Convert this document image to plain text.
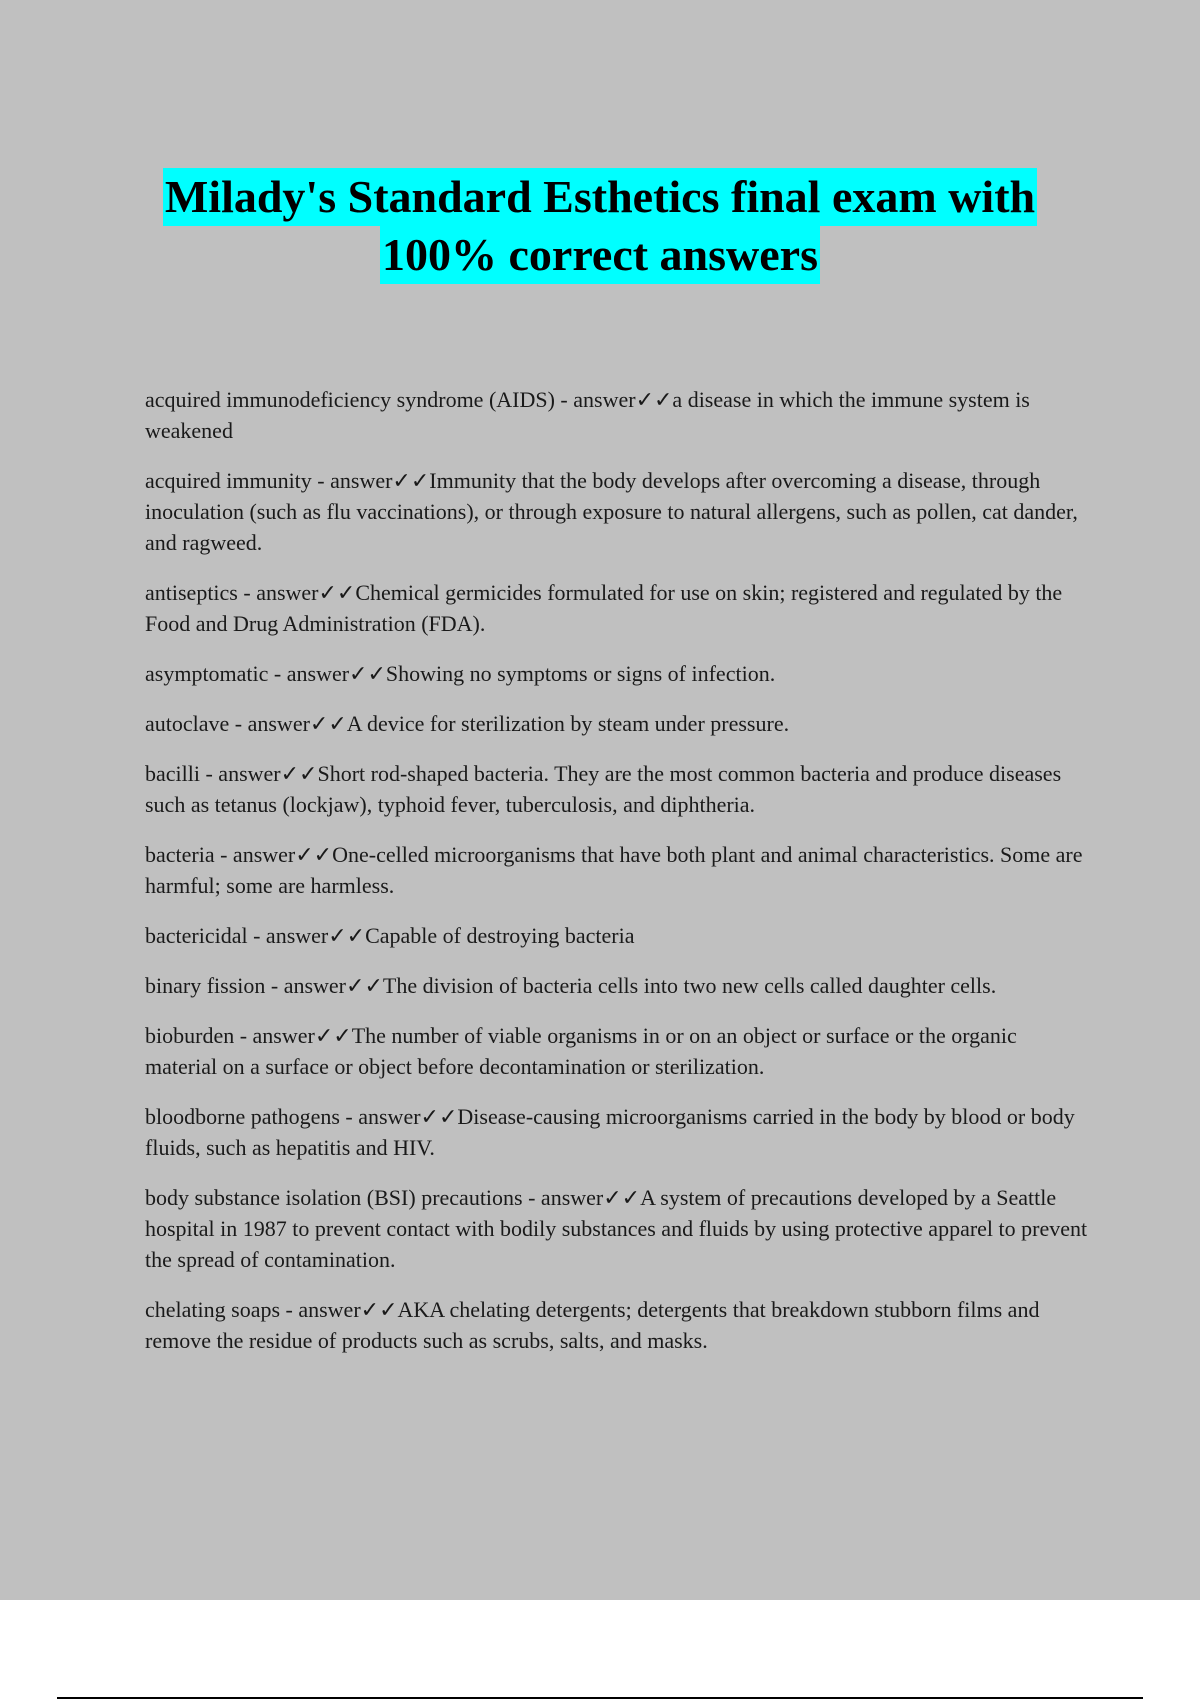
Milady's Standard Esthetics final exam with
100% correct answers

acquired immunodeficiency syndrome (AIDS) - answer✓✓a disease in which the immune system is weakened

acquired immunity - answer✓✓Immunity that the body develops after overcoming a disease, through inoculation (such as flu vaccinations), or through exposure to natural allergens, such as pollen, cat dander, and ragweed.

antiseptics - answer✓✓Chemical germicides formulated for use on skin; registered and regulated by the Food and Drug Administration (FDA).

asymptomatic - answer✓✓Showing no symptoms or signs of infection.

autoclave - answer✓✓A device for sterilization by steam under pressure.

bacilli - answer✓✓Short rod-shaped bacteria. They are the most common bacteria and produce diseases such as tetanus (lockjaw), typhoid fever, tuberculosis, and diphtheria.

bacteria - answer✓✓One-celled microorganisms that have both plant and animal characteristics. Some are harmful; some are harmless.

bactericidal - answer✓✓Capable of destroying bacteria

binary fission - answer✓✓The division of bacteria cells into two new cells called daughter cells.

bioburden - answer✓✓The number of viable organisms in or on an object or surface or the organic material on a surface or object before decontamination or sterilization.

bloodborne pathogens - answer✓✓Disease-causing microorganisms carried in the body by blood or body fluids, such as hepatitis and HIV.

body substance isolation (BSI) precautions - answer✓✓A system of precautions developed by a Seattle hospital in 1987 to prevent contact with bodily substances and fluids by using protective apparel to prevent the spread of contamination.

chelating soaps - answer✓✓AKA chelating detergents; detergents that breakdown stubborn films and remove the residue of products such as scrubs, salts, and masks.
